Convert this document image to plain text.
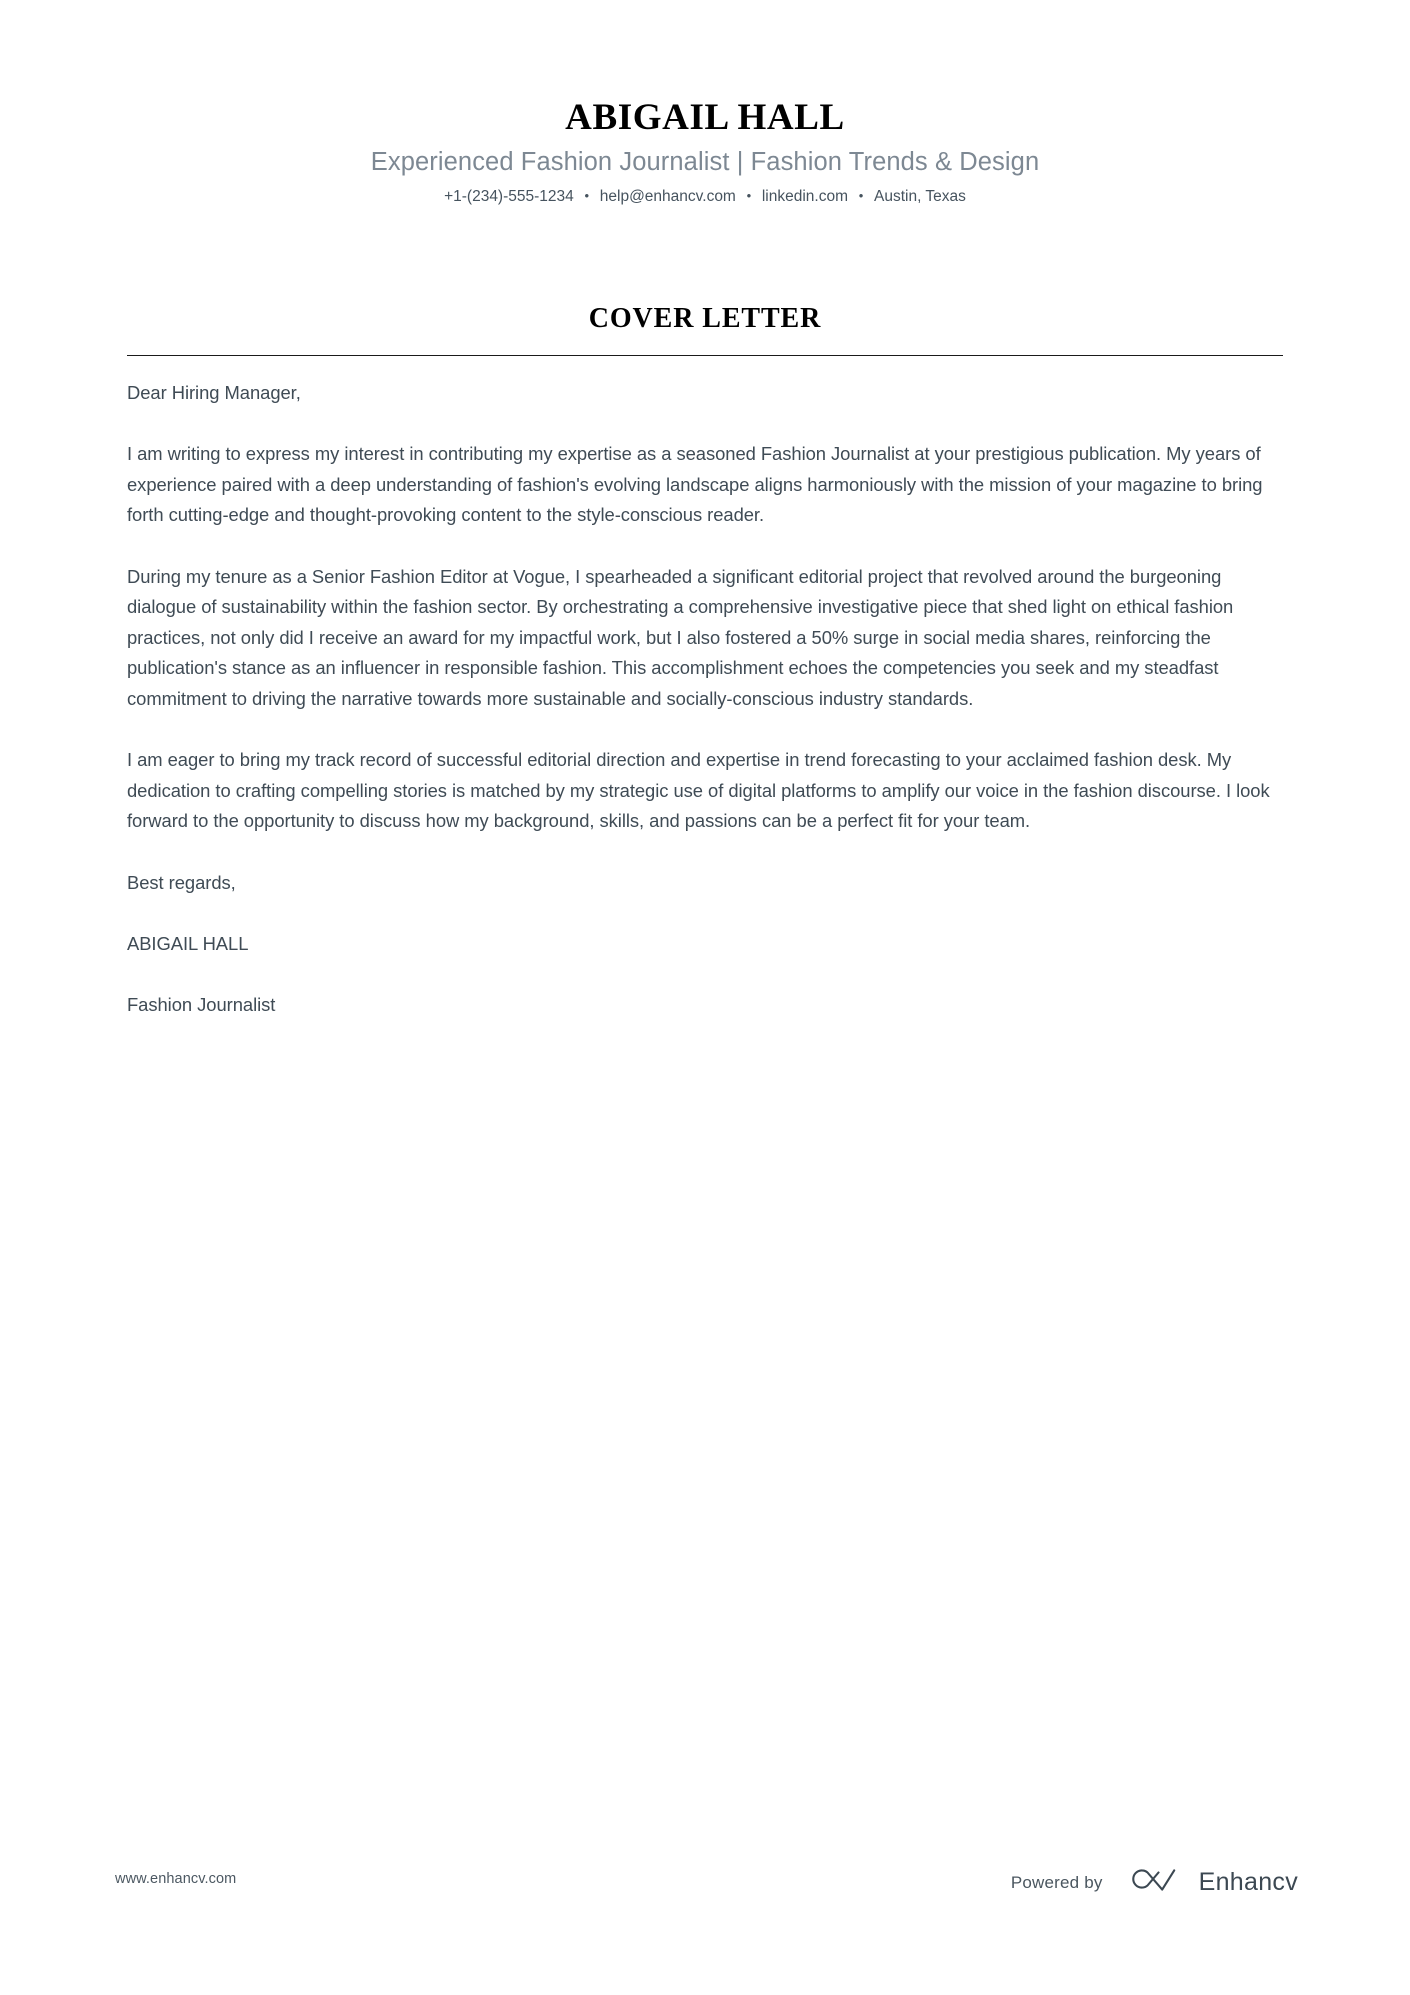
ABIGAIL HALL
Experienced Fashion Journalist | Fashion Trends & Design
+1-(234)-555-1234 • help@enhancv.com • linkedin.com • Austin, Texas
COVER LETTER

Dear Hiring Manager,

I am writing to express my interest in contributing my expertise as a seasoned Fashion Journalist at your prestigious publication. My years of experience paired with a deep understanding of fashion's evolving landscape aligns harmoniously with the mission of your magazine to bring forth cutting-edge and thought-provoking content to the style-conscious reader.

During my tenure as a Senior Fashion Editor at Vogue, I spearheaded a significant editorial project that revolved around the burgeoning dialogue of sustainability within the fashion sector. By orchestrating a comprehensive investigative piece that shed light on ethical fashion practices, not only did I receive an award for my impactful work, but I also fostered a 50% surge in social media shares, reinforcing the publication's stance as an influencer in responsible fashion. This accomplishment echoes the competencies you seek and my steadfast commitment to driving the narrative towards more sustainable and socially-conscious industry standards.

I am eager to bring my track record of successful editorial direction and expertise in trend forecasting to your acclaimed fashion desk. My dedication to crafting compelling stories is matched by my strategic use of digital platforms to amplify our voice in the fashion discourse. I look forward to the opportunity to discuss how my background, skills, and passions can be a perfect fit for your team.

Best regards,

ABIGAIL HALL

Fashion Journalist

www.enhancv.com	Powered by	Enhancv
